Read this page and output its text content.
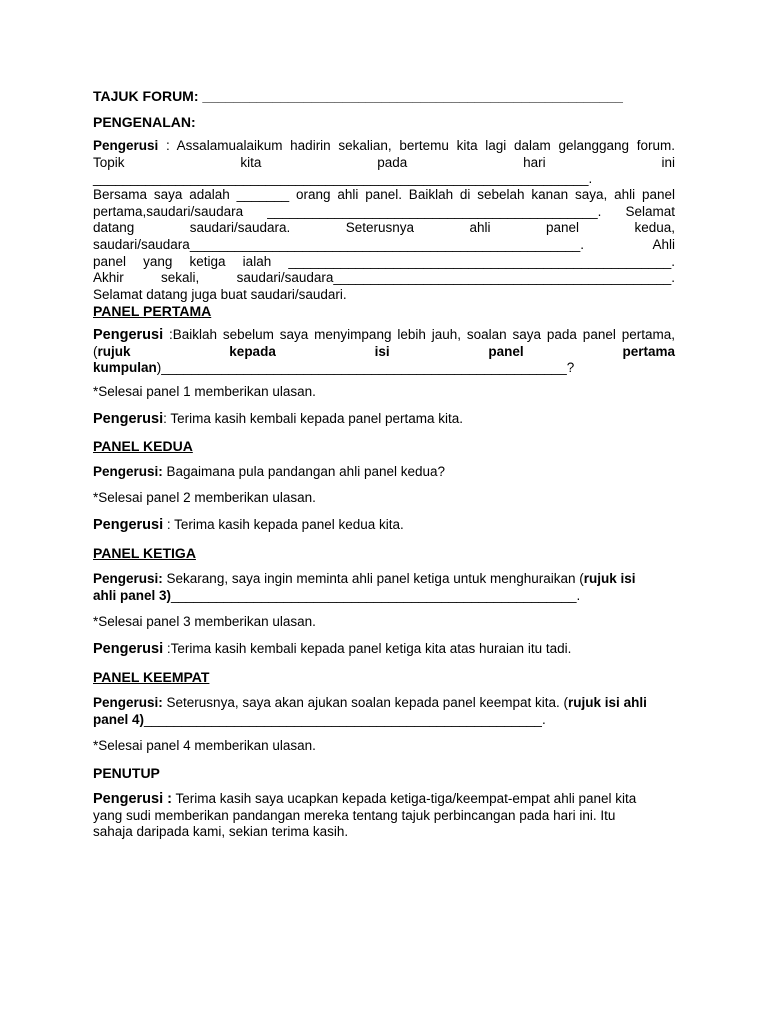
TAJUK FORUM: ______________________________________________________

PENGENALAN:

Pengerusi : Assalamualaikum hadirin sekalian, bertemu kita lagi dalam gelanggang forum.

Topik kita pada hari ini

__________________________________________________________________.

Bersama saya adalah _______ orang ahli panel. Baiklah di sebelah kanan saya, ahli panel

pertama,saudari/saudara ____________________________________________. Selamat

datang saudari/saudara. Seterusnya ahli panel kedua,

saudari/saudara____________________________________________________. Ahli

panel yang ketiga ialah ___________________________________________________.

Akhir sekali, saudari/saudara_____________________________________________.

Selamat datang juga buat saudari/saudari.

PANEL PERTAMA

Pengerusi :Baiklah sebelum saya menyimpang lebih jauh, soalan saya pada panel pertama,

(rujuk kepada isi panel pertama

kumpulan)______________________________________________________?

*Selesai panel 1 memberikan ulasan.

Pengerusi: Terima kasih kembali kepada panel pertama kita.

PANEL KEDUA

Pengerusi: Bagaimana pula pandangan ahli panel kedua?

*Selesai panel 2 memberikan ulasan.

Pengerusi : Terima kasih kepada panel kedua kita.

PANEL KETIGA

Pengerusi: Sekarang, saya ingin meminta ahli panel ketiga untuk menghuraikan (rujuk isi

ahli panel 3)______________________________________________________.

*Selesai panel 3 memberikan ulasan.

Pengerusi :Terima kasih kembali kepada panel ketiga kita atas huraian itu tadi.

PANEL KEEMPAT

Pengerusi: Seterusnya, saya akan ajukan soalan kepada panel keempat kita. (rujuk isi ahli

panel 4)_____________________________________________________.

*Selesai panel 4 memberikan ulasan.

PENUTUP

Pengerusi : Terima kasih saya ucapkan kepada ketiga-tiga/keempat-empat ahli panel kita

yang sudi memberikan pandangan mereka tentang tajuk perbincangan pada hari ini. Itu

sahaja daripada kami, sekian terima kasih.
